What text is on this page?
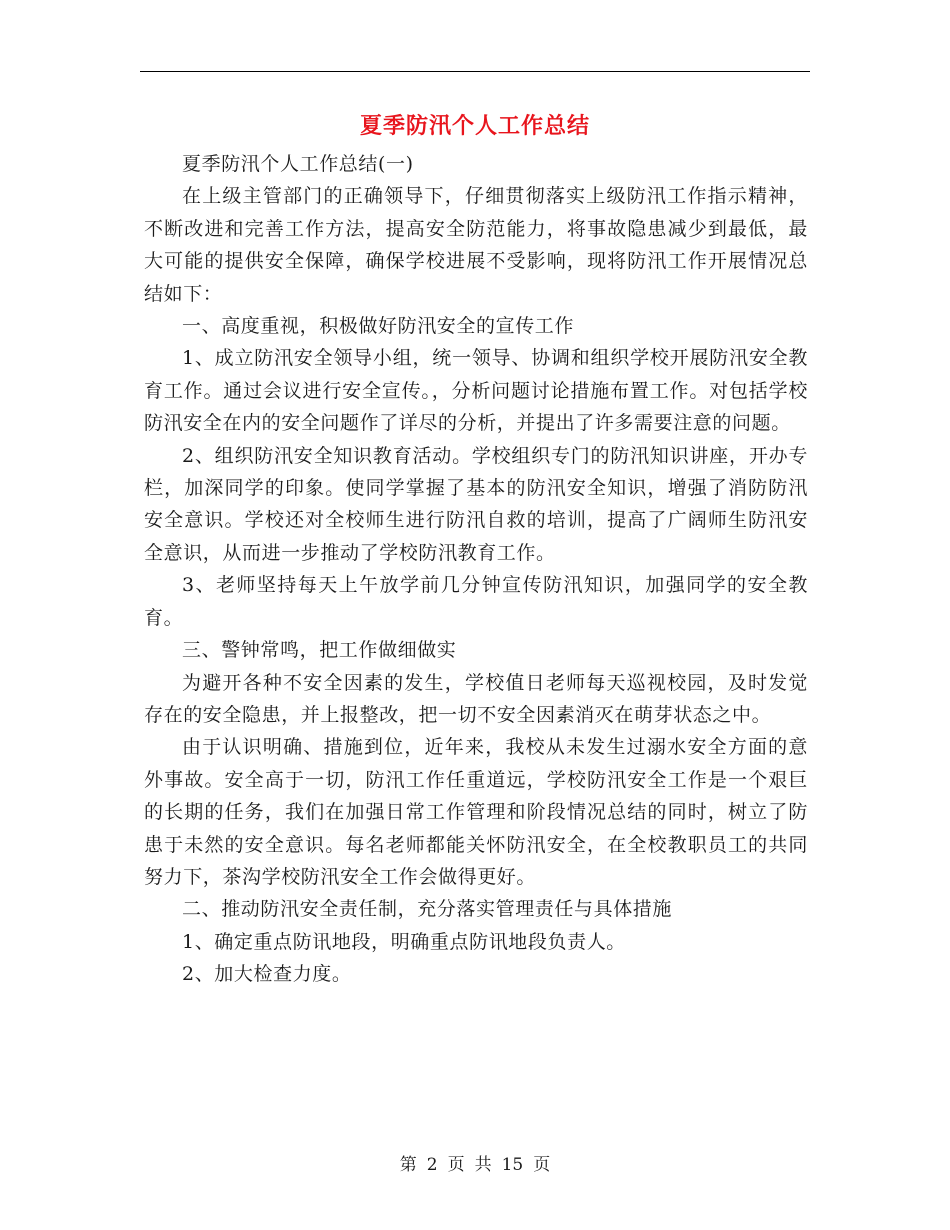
夏季防汛个人工作总结

夏季防汛个人工作总结(一)

在上级主管部门的正确领导下，仔细贯彻落实上级防汛工作指示精神，不断改进和完善工作方法，提高安全防范能力，将事故隐患减少到最低，最大可能的提供安全保障，确保学校进展不受影响，现将防汛工作开展情况总结如下：

一、高度重视，积极做好防汛安全的宣传工作

1、成立防汛安全领导小组，统一领导、协调和组织学校开展防汛安全教育工作。通过会议进行安全宣传。，分析问题讨论措施布置工作。对包括学校防汛安全在内的安全问题作了详尽的分析，并提出了许多需要注意的问题。

2、组织防汛安全知识教育活动。学校组织专门的防汛知识讲座，开办专栏，加深同学的印象。使同学掌握了基本的防汛安全知识，增强了消防防汛安全意识。学校还对全校师生进行防汛自救的培训，提高了广阔师生防汛安全意识，从而进一步推动了学校防汛教育工作。

3、老师坚持每天上午放学前几分钟宣传防汛知识，加强同学的安全教育。

三、警钟常鸣，把工作做细做实

为避开各种不安全因素的发生，学校值日老师每天巡视校园，及时发觉存在的安全隐患，并上报整改，把一切不安全因素消灭在萌芽状态之中。

由于认识明确、措施到位，近年来，我校从未发生过溺水安全方面的意外事故。安全高于一切，防汛工作任重道远，学校防汛安全工作是一个艰巨的长期的任务，我们在加强日常工作管理和阶段情况总结的同时，树立了防患于未然的安全意识。每名老师都能关怀防汛安全，在全校教职员工的共同努力下，茶沟学校防汛安全工作会做得更好。

二、推动防汛安全责任制，充分落实管理责任与具体措施

1、确定重点防讯地段，明确重点防讯地段负责人。

2、加大检查力度。

第 2 页 共 15 页
